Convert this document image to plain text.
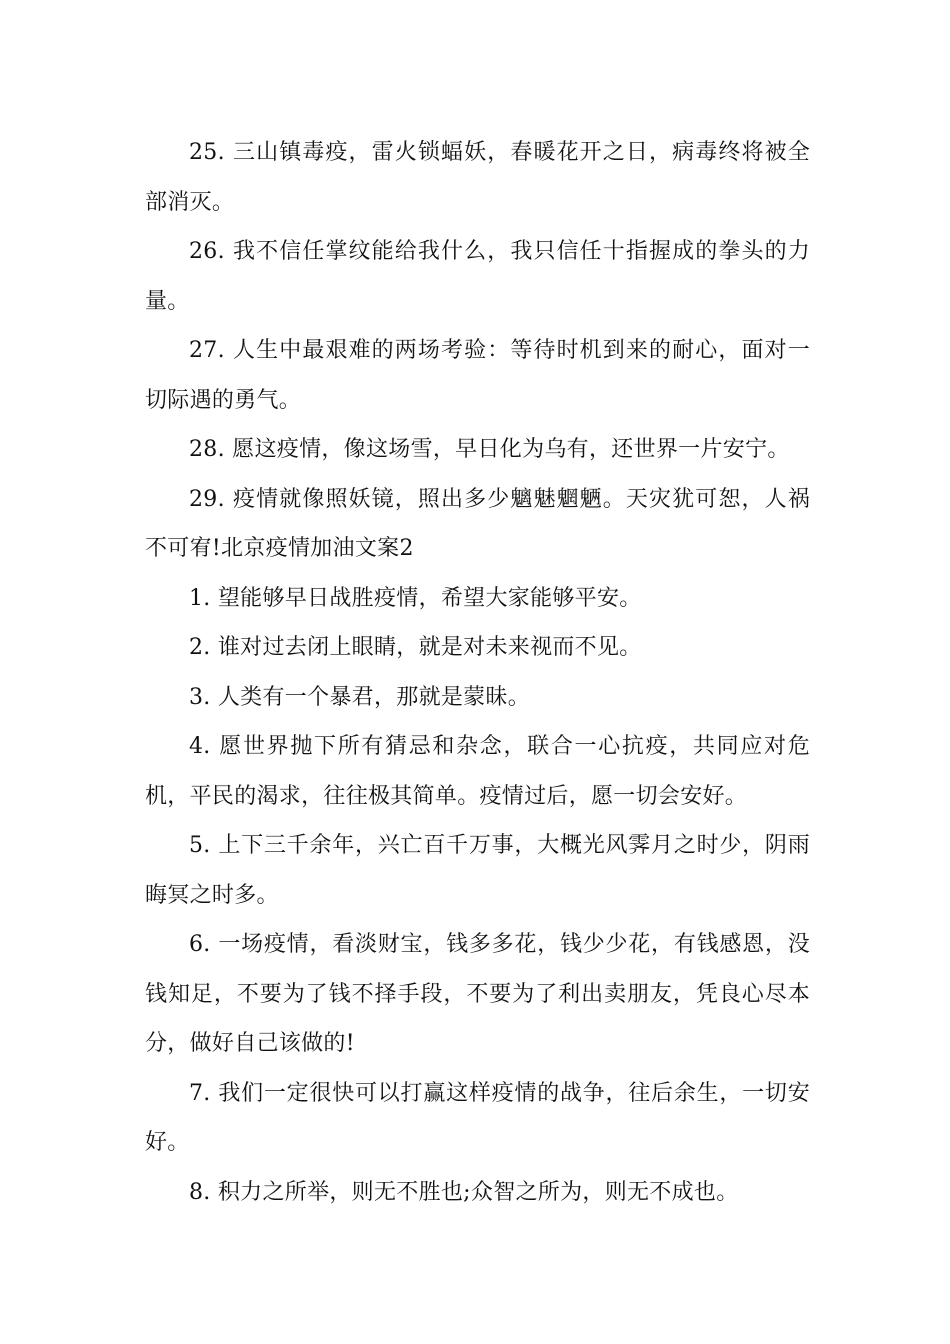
25. 三山镇毒疫，雷火锁蝠妖，春暖花开之日，病毒终将被全部消灭。

26. 我不信任掌纹能给我什么，我只信任十指握成的拳头的力量。

27. 人生中最艰难的两场考验：等待时机到来的耐心，面对一切际遇的勇气。

28. 愿这疫情，像这场雪，早日化为乌有，还世界一片安宁。

29. 疫情就像照妖镜，照出多少魑魅魍魉。天灾犹可恕，人祸不可宥!北京疫情加油文案2

1. 望能够早日战胜疫情，希望大家能够平安。

2. 谁对过去闭上眼睛，就是对未来视而不见。

3. 人类有一个暴君，那就是蒙昧。

4. 愿世界抛下所有猜忌和杂念，联合一心抗疫，共同应对危机，平民的渴求，往往极其简单。疫情过后，愿一切会安好。

5. 上下三千余年，兴亡百千万事，大概光风霁月之时少，阴雨晦冥之时多。

6. 一场疫情，看淡财宝，钱多多花，钱少少花，有钱感恩，没钱知足，不要为了钱不择手段，不要为了利出卖朋友，凭良心尽本分，做好自己该做的!

7. 我们一定很快可以打赢这样疫情的战争，往后余生，一切安好。

8. 积力之所举，则无不胜也;众智之所为，则无不成也。
